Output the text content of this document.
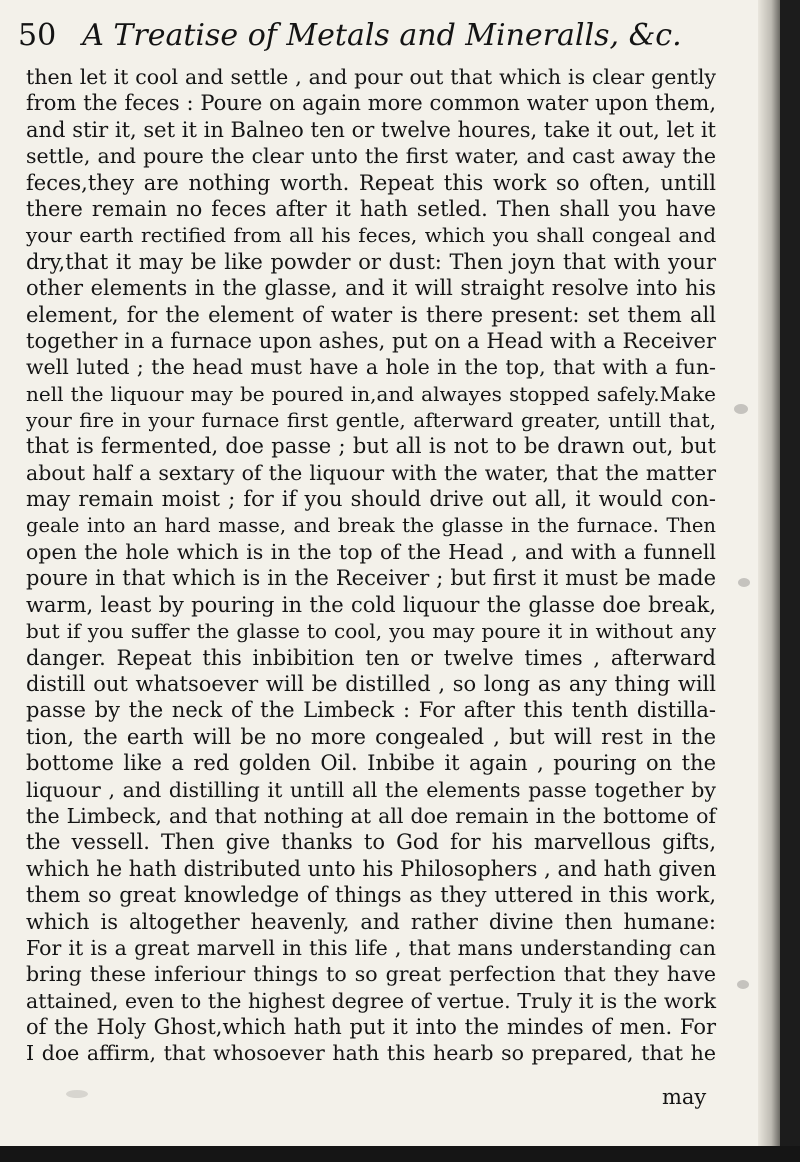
50 A Treatise of Metals and Mineralls, &c.
then let it cool and settle , and pour out that which is clear gently
from the feces : Poure on again more common water upon them,
and stir it, set it in Balneo ten or twelve houres, take it out, let it
settle, and poure the clear unto the first water, and cast away the
feces,they are nothing worth. Repeat this work so often, untill
there remain no feces after it hath setled. Then shall you have
your earth rectified from all his feces, which you shall congeal and
dry,that it may be like powder or dust: Then joyn that with your
other elements in the glasse, and it will straight resolve into his
element, for the element of water is there present: set them all
together in a furnace upon ashes, put on a Head with a Receiver
well luted ; the head must have a hole in the top, that with a fun-
nell the liquour may be poured in,and alwayes stopped safely.Make
your fire in your furnace first gentle, afterward greater, untill that,
that is fermented, doe passe ; but all is not to be drawn out, but
about half a sextary of the liquour with the water, that the matter
may remain moist ; for if you should drive out all, it would con-
geale into an hard masse, and break the glasse in the furnace. Then
open the hole which is in the top of the Head , and with a funnell
poure in that which is in the Receiver ; but first it must be made
warm, least by pouring in the cold liquour the glasse doe break,
but if you suffer the glasse to cool, you may poure it in without any
danger. Repeat this inbibition ten or twelve times , afterward
distill out whatsoever will be distilled , so long as any thing will
passe by the neck of the Limbeck : For after this tenth distilla-
tion, the earth will be no more congealed , but will rest in the
bottome like a red golden Oil. Inbibe it again , pouring on the
liquour , and distilling it untill all the elements passe together by
the Limbeck, and that nothing at all doe remain in the bottome of
the vessell. Then give thanks to God for his marvellous gifts,
which he hath distributed unto his Philosophers , and hath given
them so great knowledge of things as they uttered in this work,
which is altogether heavenly, and rather divine then humane:
For it is a great marvell in this life , that mans understanding can
bring these inferiour things to so great perfection that they have
attained, even to the highest degree of vertue. Truly it is the work
of the Holy Ghost,which hath put it into the mindes of men. For
I doe affirm, that whosoever hath this hearb so prepared, that he
may
